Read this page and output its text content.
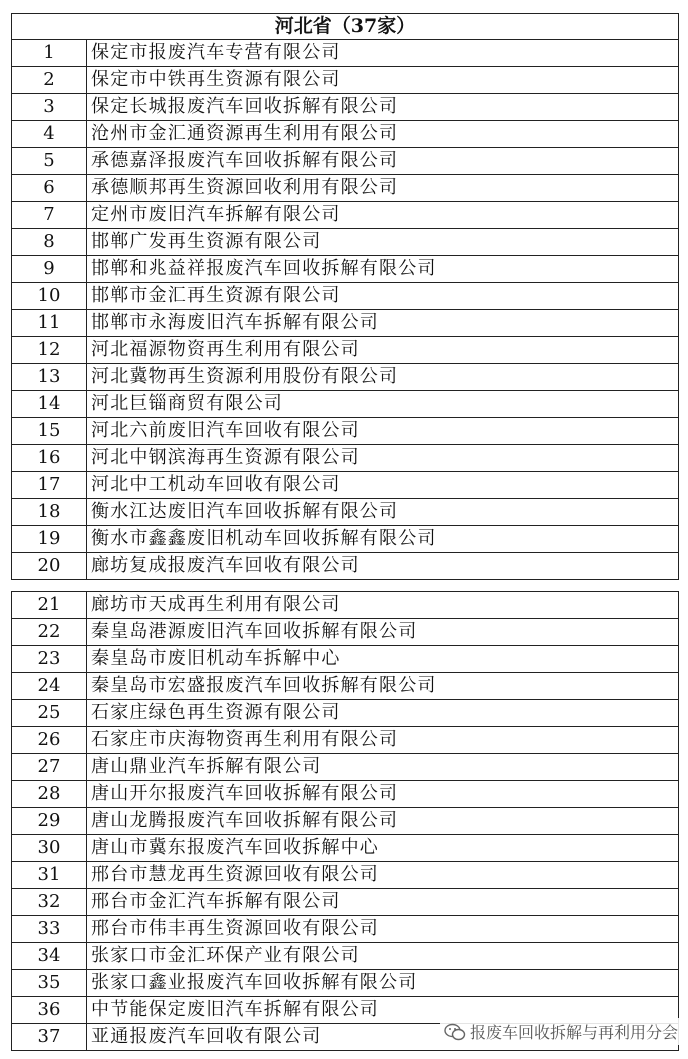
河北省（37家）	
1	保定市报废汽车专营有限公司
2	保定市中铁再生资源有限公司
3	保定长城报废汽车回收拆解有限公司
4	沧州市金汇通资源再生利用有限公司
5	承德嘉泽报废汽车回收拆解有限公司
6	承德顺邦再生资源回收利用有限公司
7	定州市废旧汽车拆解有限公司
8	邯郸广发再生资源有限公司
9	邯郸和兆益祥报废汽车回收拆解有限公司
10	邯郸市金汇再生资源有限公司
11	邯郸市永海废旧汽车拆解有限公司
12	河北福源物资再生利用有限公司
13	河北冀物再生资源利用股份有限公司
14	河北巨锱商贸有限公司
15	河北六前废旧汽车回收有限公司
16	河北中钢滨海再生资源有限公司
17	河北中工机动车回收有限公司
18	衡水江达废旧汽车回收拆解有限公司
19	衡水市鑫鑫废旧机动车回收拆解有限公司
20	廊坊复成报废汽车回收有限公司
21	廊坊市天成再生利用有限公司
22	秦皇岛港源废旧汽车回收拆解有限公司
23	秦皇岛市废旧机动车拆解中心
24	秦皇岛市宏盛报废汽车回收拆解有限公司
25	石家庄绿色再生资源有限公司
26	石家庄市庆海物资再生利用有限公司
27	唐山鼎业汽车拆解有限公司
28	唐山开尔报废汽车回收拆解有限公司
29	唐山龙腾报废汽车回收拆解有限公司
30	唐山市冀东报废汽车回收拆解中心
31	邢台市慧龙再生资源回收有限公司
32	邢台市金汇汽车拆解有限公司
33	邢台市伟丰再生资源回收有限公司
34	张家口市金汇环保产业有限公司
35	张家口鑫业报废汽车回收拆解有限公司
36	中节能保定废旧汽车拆解有限公司
37	亚通报废汽车回收有限公司	报废车回收拆解与再利用分会
